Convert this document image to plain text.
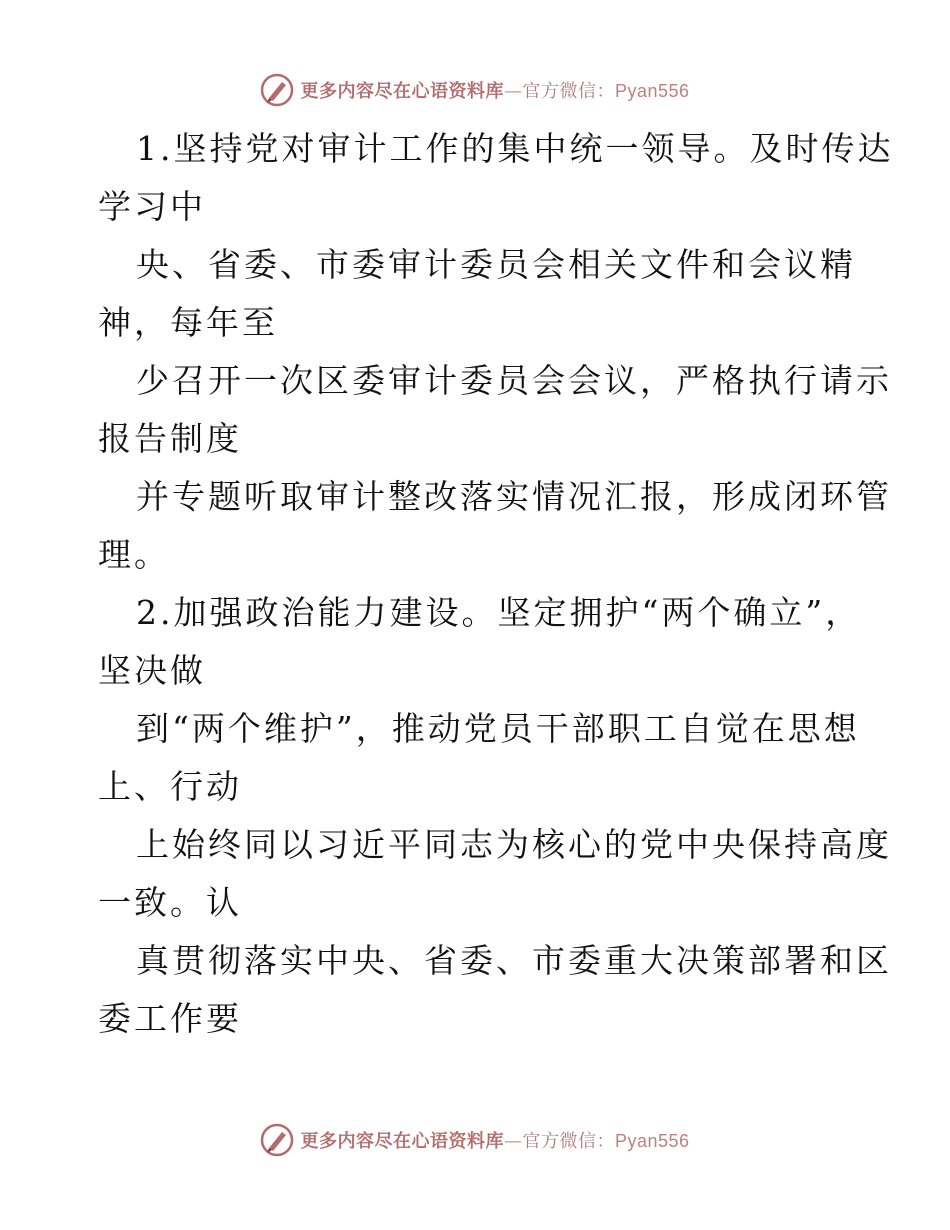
更多内容尽在心语资料库—官方微信：Pyan556
1.坚持党对审计工作的集中统一领导。及时传达
学习中
央、省委、市委审计委员会相关文件和会议精
神，每年至
少召开一次区委审计委员会会议，严格执行请示
报告制度
并专题听取审计整改落实情况汇报，形成闭环管
理。
2.加强政治能力建设。坚定拥护“两个确立”，
坚决做
到“两个维护”，推动党员干部职工自觉在思想
上、行动
上始终同以习近平同志为核心的党中央保持高度
一致。认
真贯彻落实中央、省委、市委重大决策部署和区
委工作要
更多内容尽在心语资料库—官方微信：Pyan556
